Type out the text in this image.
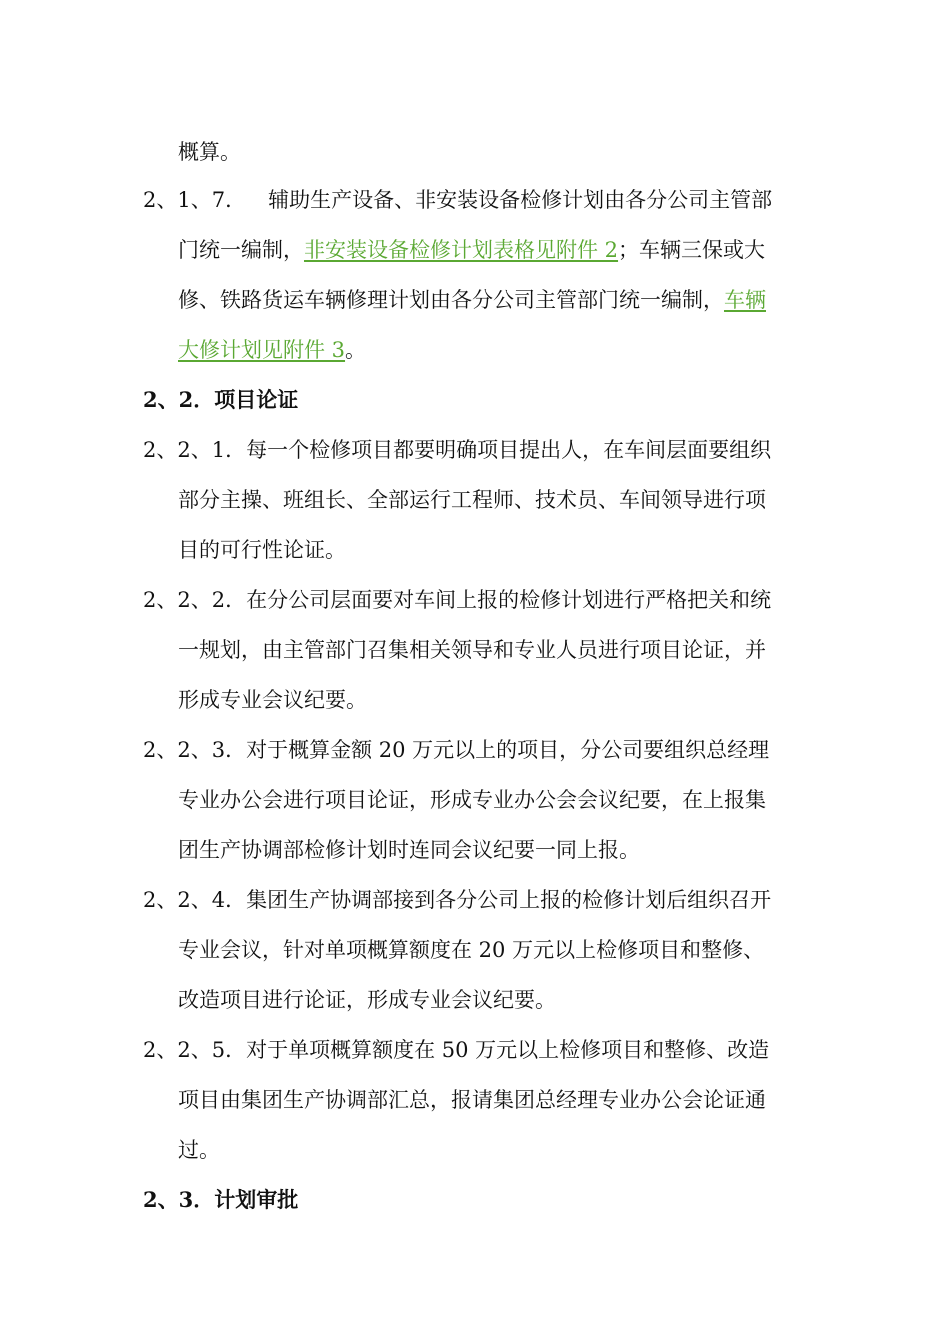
概算。
2、1、7． 辅助生产设备、非安装设备检修计划由各分公司主管部
门统一编制，非安装设备检修计划表格见附件 2；车辆三保或大
修、铁路货运车辆修理计划由各分公司主管部门统一编制，车辆
大修计划见附件 3。
2、2．项目论证
2、2、1．每一个检修项目都要明确项目提出人，在车间层面要组织
部分主操、班组长、全部运行工程师、技术员、车间领导进行项
目的可行性论证。
2、2、2．在分公司层面要对车间上报的检修计划进行严格把关和统
一规划，由主管部门召集相关领导和专业人员进行项目论证，并
形成专业会议纪要。
2、2、3．对于概算金额 20 万元以上的项目，分公司要组织总经理
专业办公会进行项目论证，形成专业办公会会议纪要，在上报集
团生产协调部检修计划时连同会议纪要一同上报。
2、2、4．集团生产协调部接到各分公司上报的检修计划后组织召开
专业会议，针对单项概算额度在 20 万元以上检修项目和整修、
改造项目进行论证，形成专业会议纪要。
2、2、5．对于单项概算额度在 50 万元以上检修项目和整修、改造
项目由集团生产协调部汇总，报请集团总经理专业办公会论证通
过。
2、3．计划审批
